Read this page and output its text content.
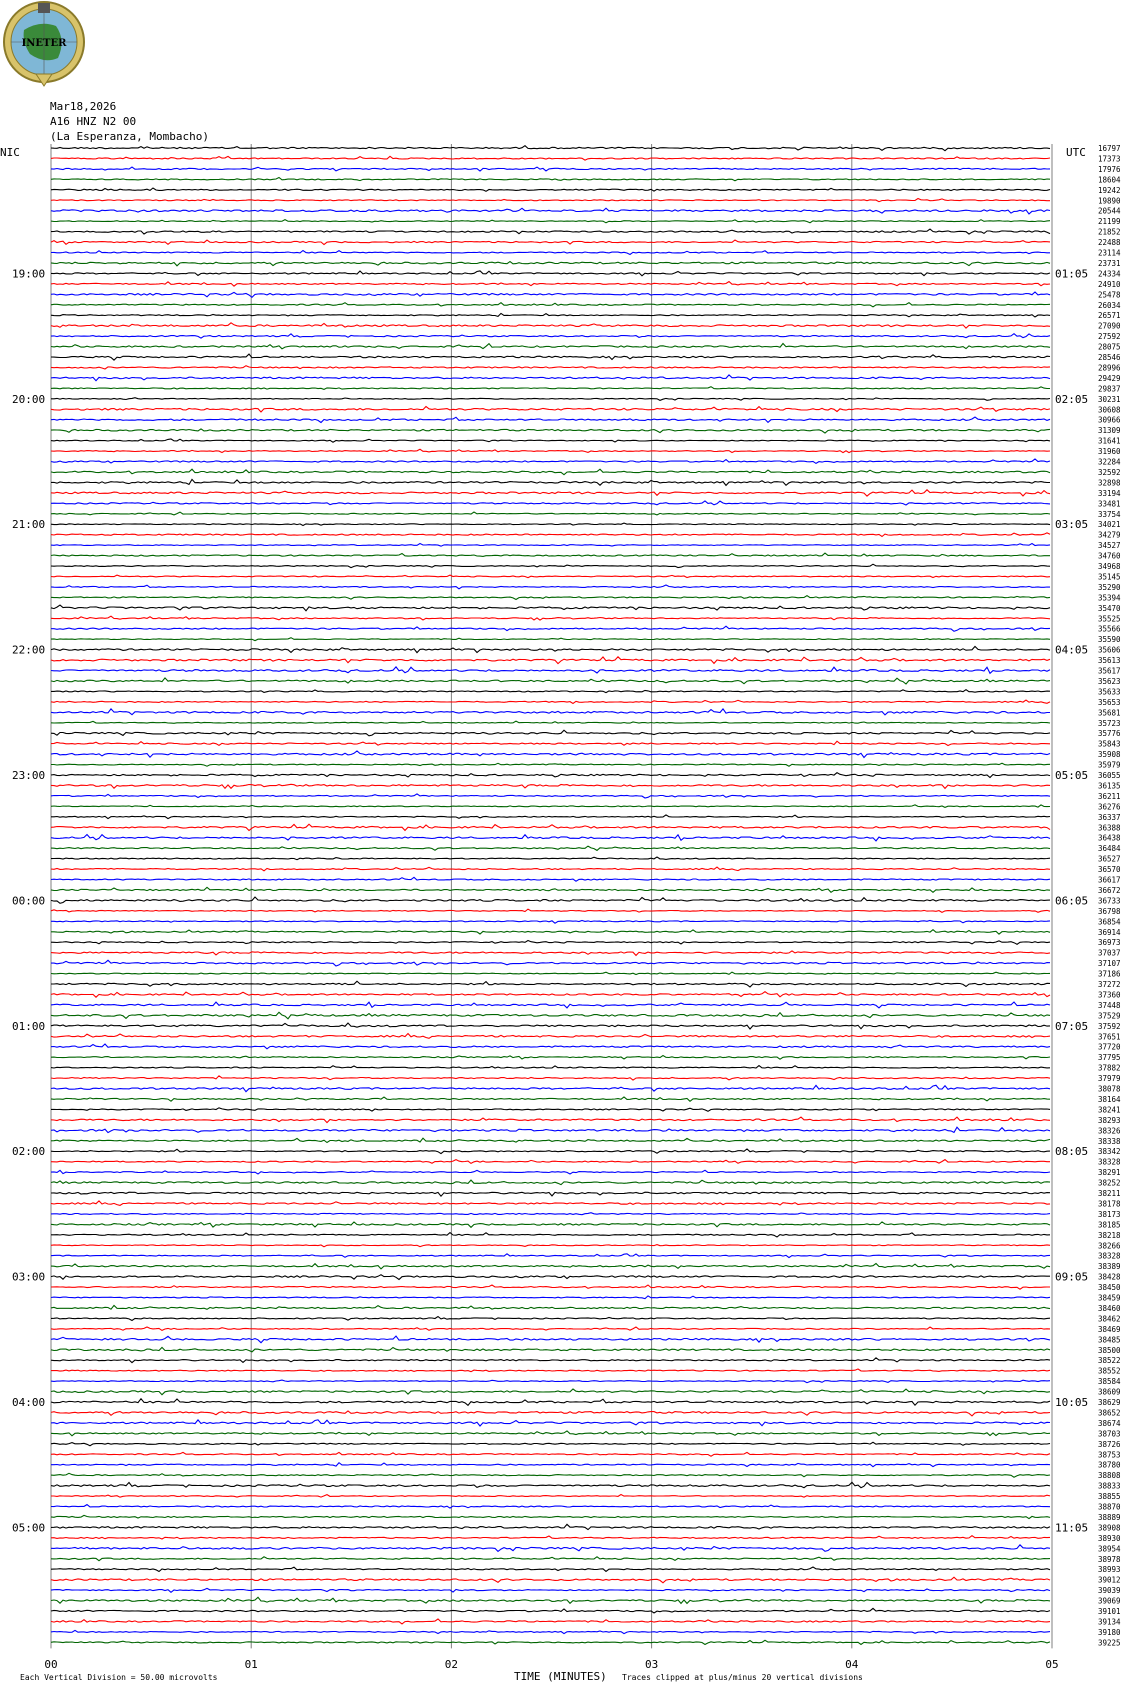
INETER
Mar18,2026
A16 HNZ N2 00
(La Esperanza, Mombacho)
00	01	02	03	04	05
16797
17373
17976
18604
19242
19890
20544
21199
21852
22488
23114
23731
24334
24910
25478
26034
26571
27090
27592
28075
28546
28996
29429
29837
30231
30608
30966
31309
31641
31960
32284
32592
32898
33194
33481
33754
34021
34279
34527
34760
34968
35145
35290
35394
35470
35525
35566
35590
35606
35613
35617
35623
35633
35653
35681
35723
35776
35843
35908
35979
36055
36135
36211
36276
36337
36388
36438
36484
36527
36570
36617
36672
36733
36798
36854
36914
36973
37037
37107
37186
37272
37360
37448
37529
37592
37651
37720
37795
37882
37979
38078
38164
38241
38293
38326
38338
38342
38328
38291
38252
38211
38178
38173
38185
38218
38266
38328
38389
38428
38450
38459
38460
38462
38469
38485
38500
38522
38552
38584
38609
38629
38652
38674
38703
38726
38753
38780
38808
38833
38855
38870
38889
38908
38930
38954
38978
38993
39012
39039
39069
39101
39134
39180
39225
19:00
20:00
21:00
22:00
23:00
00:00
01:00
02:00
03:00
04:00
05:00
01:05
02:05
03:05
04:05
05:05
06:05
07:05
08:05
09:05
10:05
11:05
NIC	UTC
Each Vertical Division = 50.00 microvolts	TIME (MINUTES) Traces clipped at plus/minus 20 vertical divisions
